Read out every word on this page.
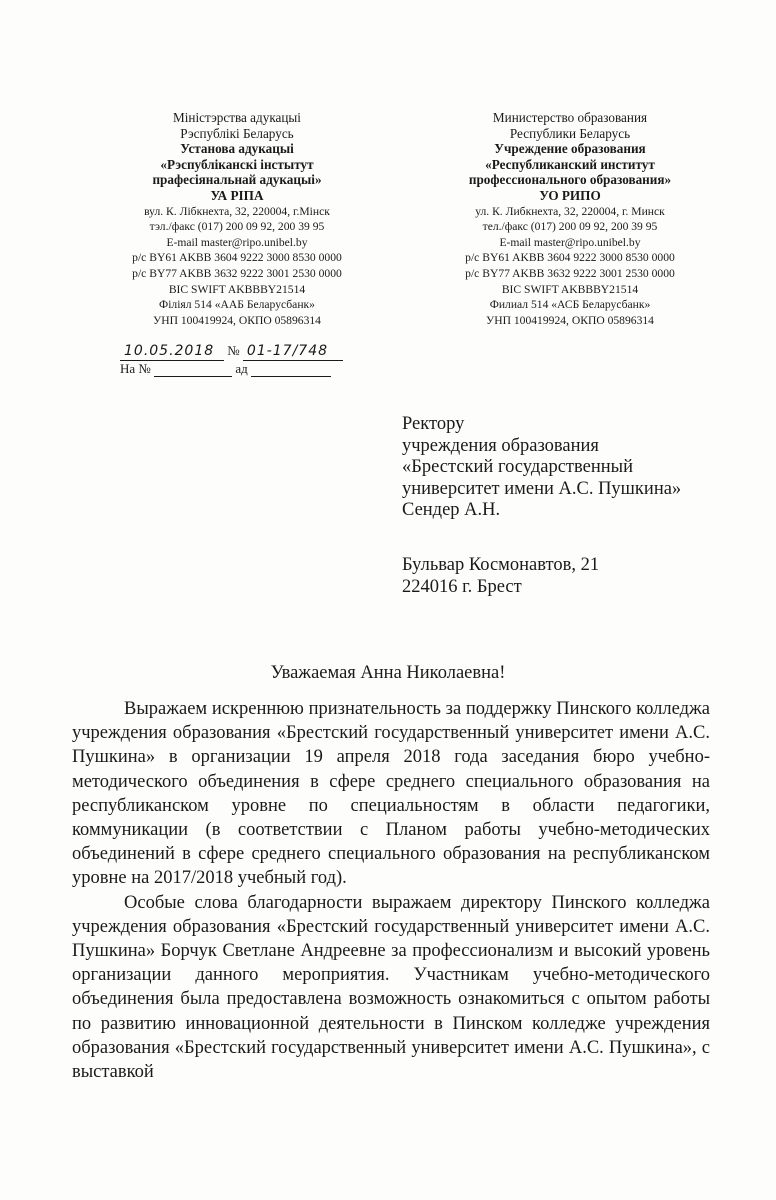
Міністэрства адукацыі
Рэспублікі Беларусь
Установа адукацыі
«Рэспубліканскі інстытут
прафесіянальнай адукацыі»
УА РІПА
вул. К. Лібкнехта, 32, 220004, г.Мінск
тэл./факс (017) 200 09 92, 200 39 95
E-mail master@ripo.unibel.by
р/с BY61 AKBB 3604 9222 3000 8530 0000
р/с BY77 AKBB 3632 9222 3001 2530 0000
BIC SWIFT AKBBBY21514
Філіял 514 «ААБ Беларусбанк»
УНП 100419924, ОКПО 05896314
Министерство образования
Республики Беларусь
Учреждение образования
«Республиканский институт
профессионального образования»
УО РИПО
ул. К. Либкнехта, 32, 220004, г. Минск
тел./факс (017) 200 09 92, 200 39 95
E-mail master@ripo.unibel.by
р/с BY61 AKBB 3604 9222 3000 8530 0000
р/с BY77 AKBB 3632 9222 3001 2530 0000
BIC SWIFT AKBBBY21514
Филиал 514 «АСБ Беларусбанк»
УНП 100419924, ОКПО 05896314
10.05.2018 № 01-17/748
На №	ад
Ректору
учреждения образования
«Брестский государственный
университет имени А.С. Пушкина»
Сендер А.Н.
Бульвар Космонавтов, 21
224016 г. Брест
Уважаемая Анна Николаевна!

Выражаем искреннюю признательность за поддержку Пинского колледжа учреждения образования «Брестский государственный университет имени А.С. Пушкина» в организации 19 апреля 2018 года заседания бюро учебно-методического объединения в сфере среднего специального образования на республиканском уровне по специальностям в области педагогики, коммуникации (в соответствии с Планом работы учебно-методических объединений в сфере среднего специального образования на республиканском уровне на 2017/2018 учебный год).

Особые слова благодарности выражаем директору Пинского колледжа учреждения образования «Брестский государственный университет имени А.С. Пушкина» Борчук Светлане Андреевне за профессионализм и высокий уровень организации данного мероприятия. Участникам учебно-методического объединения была предоставлена возможность ознакомиться с опытом работы по развитию инновационной деятельности в Пинском колледже учреждения образования «Брестский государственный университет имени А.С. Пушкина», с выставкой
